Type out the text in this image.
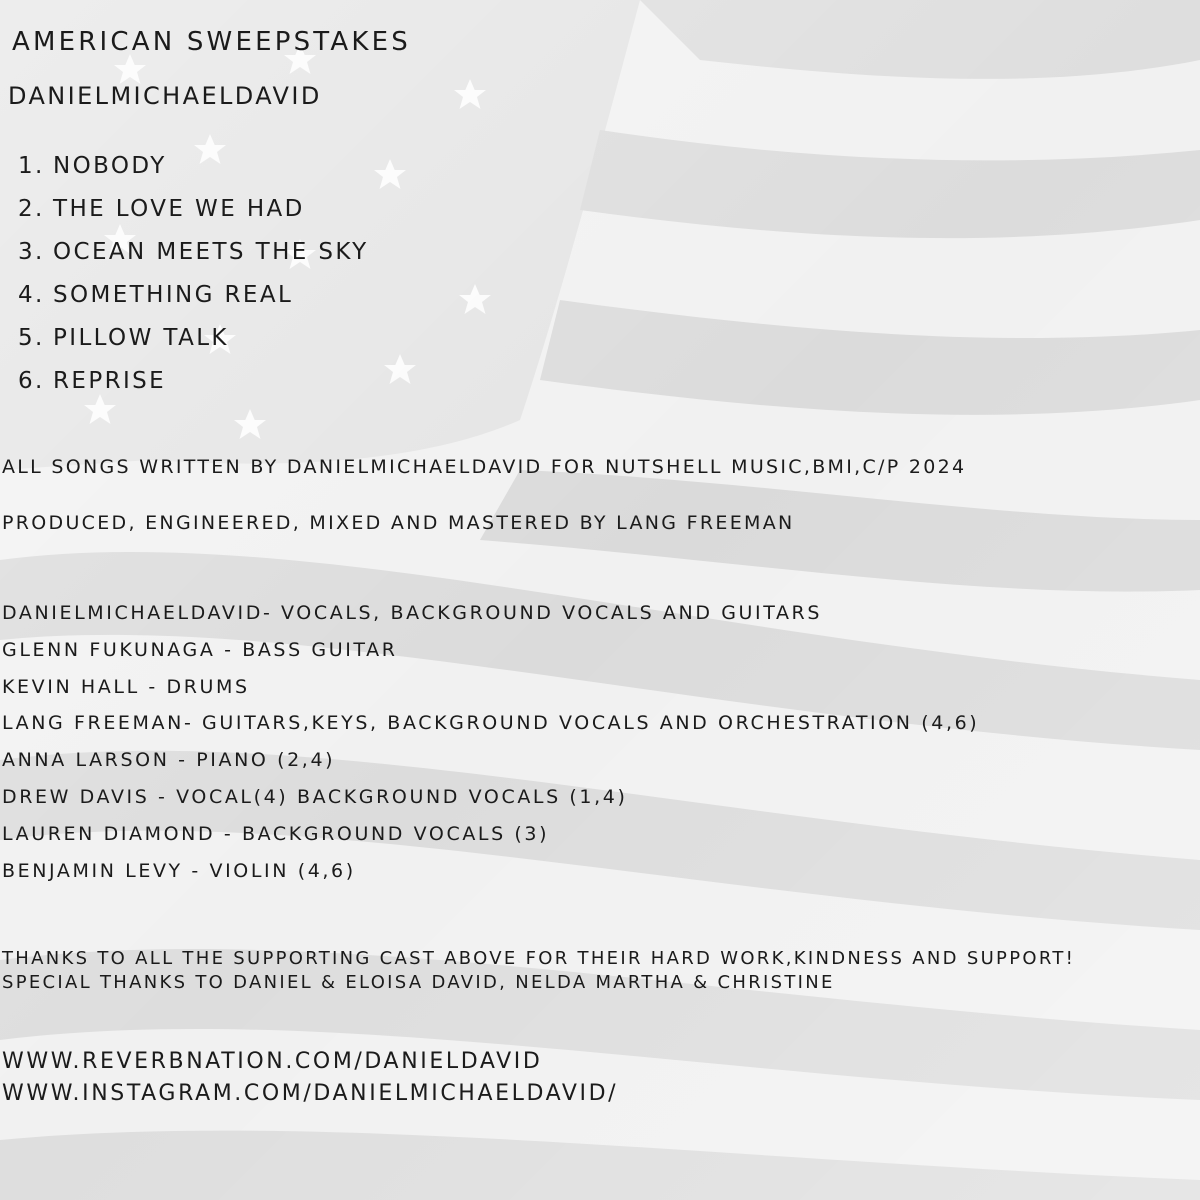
AMERICAN SWEEPSTAKES
DANIELMICHAELDAVID
1. NOBODY
2. THE LOVE WE HAD
3. OCEAN MEETS THE SKY
4. SOMETHING REAL
5. PILLOW TALK
6. REPRISE
ALL SONGS WRITTEN BY DANIELMICHAELDAVID FOR NUTSHELL MUSIC,BMI,C/P 2024
PRODUCED, ENGINEERED, MIXED AND MASTERED BY LANG FREEMAN
DANIELMICHAELDAVID- VOCALS, BACKGROUND VOCALS AND GUITARS
GLENN FUKUNAGA - BASS GUITAR
KEVIN HALL - DRUMS
LANG FREEMAN- GUITARS,KEYS, BACKGROUND VOCALS AND ORCHESTRATION (4,6)
ANNA LARSON - PIANO (2,4)
DREW DAVIS - VOCAL(4) BACKGROUND VOCALS (1,4)
LAUREN DIAMOND - BACKGROUND VOCALS (3)
BENJAMIN LEVY - VIOLIN (4,6)
THANKS TO ALL THE SUPPORTING CAST ABOVE FOR THEIR HARD WORK,KINDNESS AND SUPPORT!
SPECIAL THANKS TO DANIEL & ELOISA DAVID, NELDA MARTHA & CHRISTINE
WWW.REVERBNATION.COM/DANIELDAVID
WWW.INSTAGRAM.COM/DANIELMICHAELDAVID/
